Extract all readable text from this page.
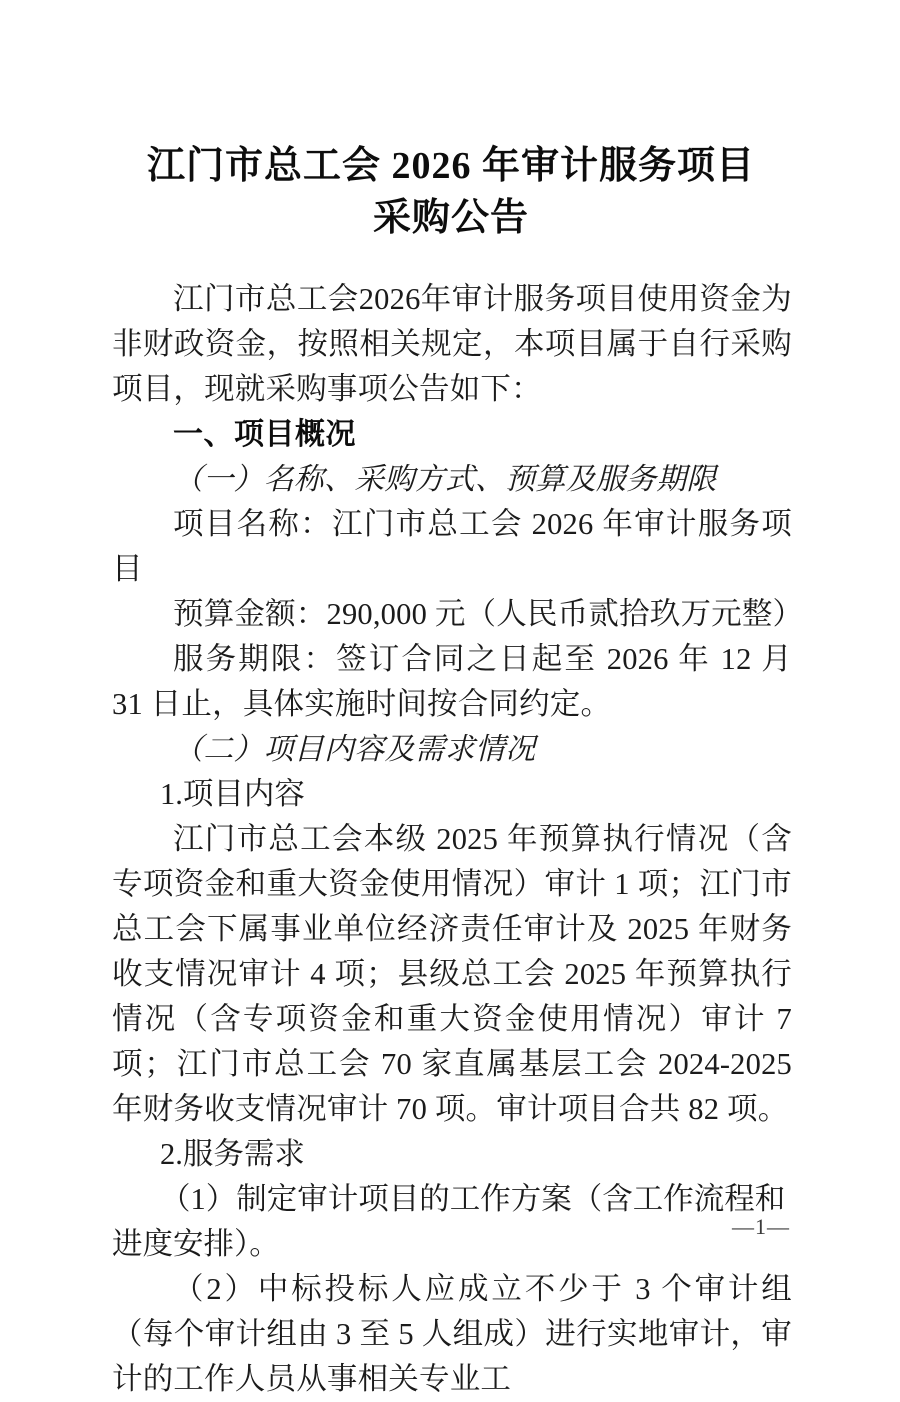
江门市总工会 2026 年审计服务项目
采购公告

江门市总工会2026年审计服务项目使用资金为非财政资金，按照相关规定，本项目属于自行采购项目，现就采购事项公告如下：

一、项目概况

（一）名称、采购方式、预算及服务期限

项目名称：江门市总工会 2026 年审计服务项目

预算金额：290,000 元（人民币贰拾玖万元整）

服务期限：签订合同之日起至 2026 年 12 月 31 日止，具体实施时间按合同约定。

（二）项目内容及需求情况

1.项目内容

江门市总工会本级 2025 年预算执行情况（含专项资金和重大资金使用情况）审计 1 项；江门市总工会下属事业单位经济责任审计及 2025 年财务收支情况审计 4 项；县级总工会 2025 年预算执行情况（含专项资金和重大资金使用情况）审计 7 项；江门市总工会 70 家直属基层工会 2024-2025 年财务收支情况审计 70 项。审计项目合共 82 项。

2.服务需求

（1）制定审计项目的工作方案（含工作流程和进度安排）。

（2）中标投标人应成立不少于 3 个审计组（每个审计组由 3 至 5 人组成）进行实地审计，审计的工作人员从事相关专业工

—1—
